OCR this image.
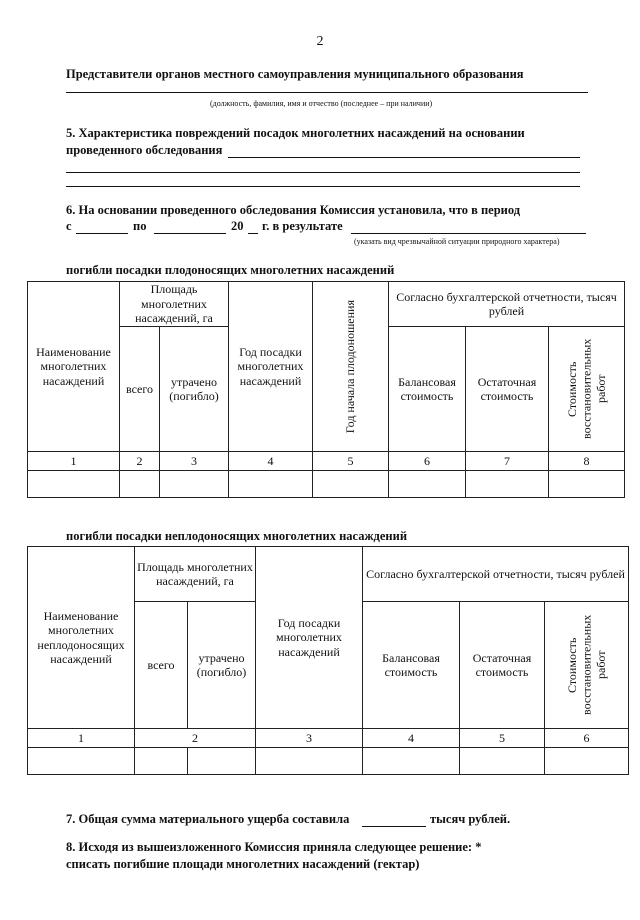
2
Представители органов местного самоуправления муниципального образования
(должность, фамилия, имя и отчество (последнее – при наличии)
5. Характеристика повреждений посадок многолетних насаждений на основании
проведенного обследования
6. На основании проведенного обследования Комиссия установила, что в период
с	по	20 г. в результате
(указать вид чрезвычайной ситуации природного характера)
погибли посадки плодоносящих многолетних насаждений
Наименование многолетних насаждений	Площадь многолетних насаждений, га		Год посадки многолетних насаждений	Год начала плодоношения	Согласно бухгалтерской отчетности, тысяч рублей		
	всего	утрачено (погибло)			Балансовая стоимость	Остаточная стоимость	Стоимость восстановительных работ

1	2	3	4	5	6	7	8

погибли посадки неплодоносящих многолетних насаждений
Наименование многолетних неплодоносящих насаждений	Площадь многолетних насаждений, га		Год посадки многолетних насаждений	Согласно бухгалтерской отчетности, тысяч рублей		
	всего	утрачено (погибло)		Балансовая стоимость	Остаточная стоимость	Стоимость восстановительных работ

1	2		3	4	5	6

7. Общая сумма материального ущерба составила	тысяч рублей.
8. Исходя из вышеизложенного Комиссия приняла следующее решение: *
списать погибшие площади многолетних насаждений (гектар)
